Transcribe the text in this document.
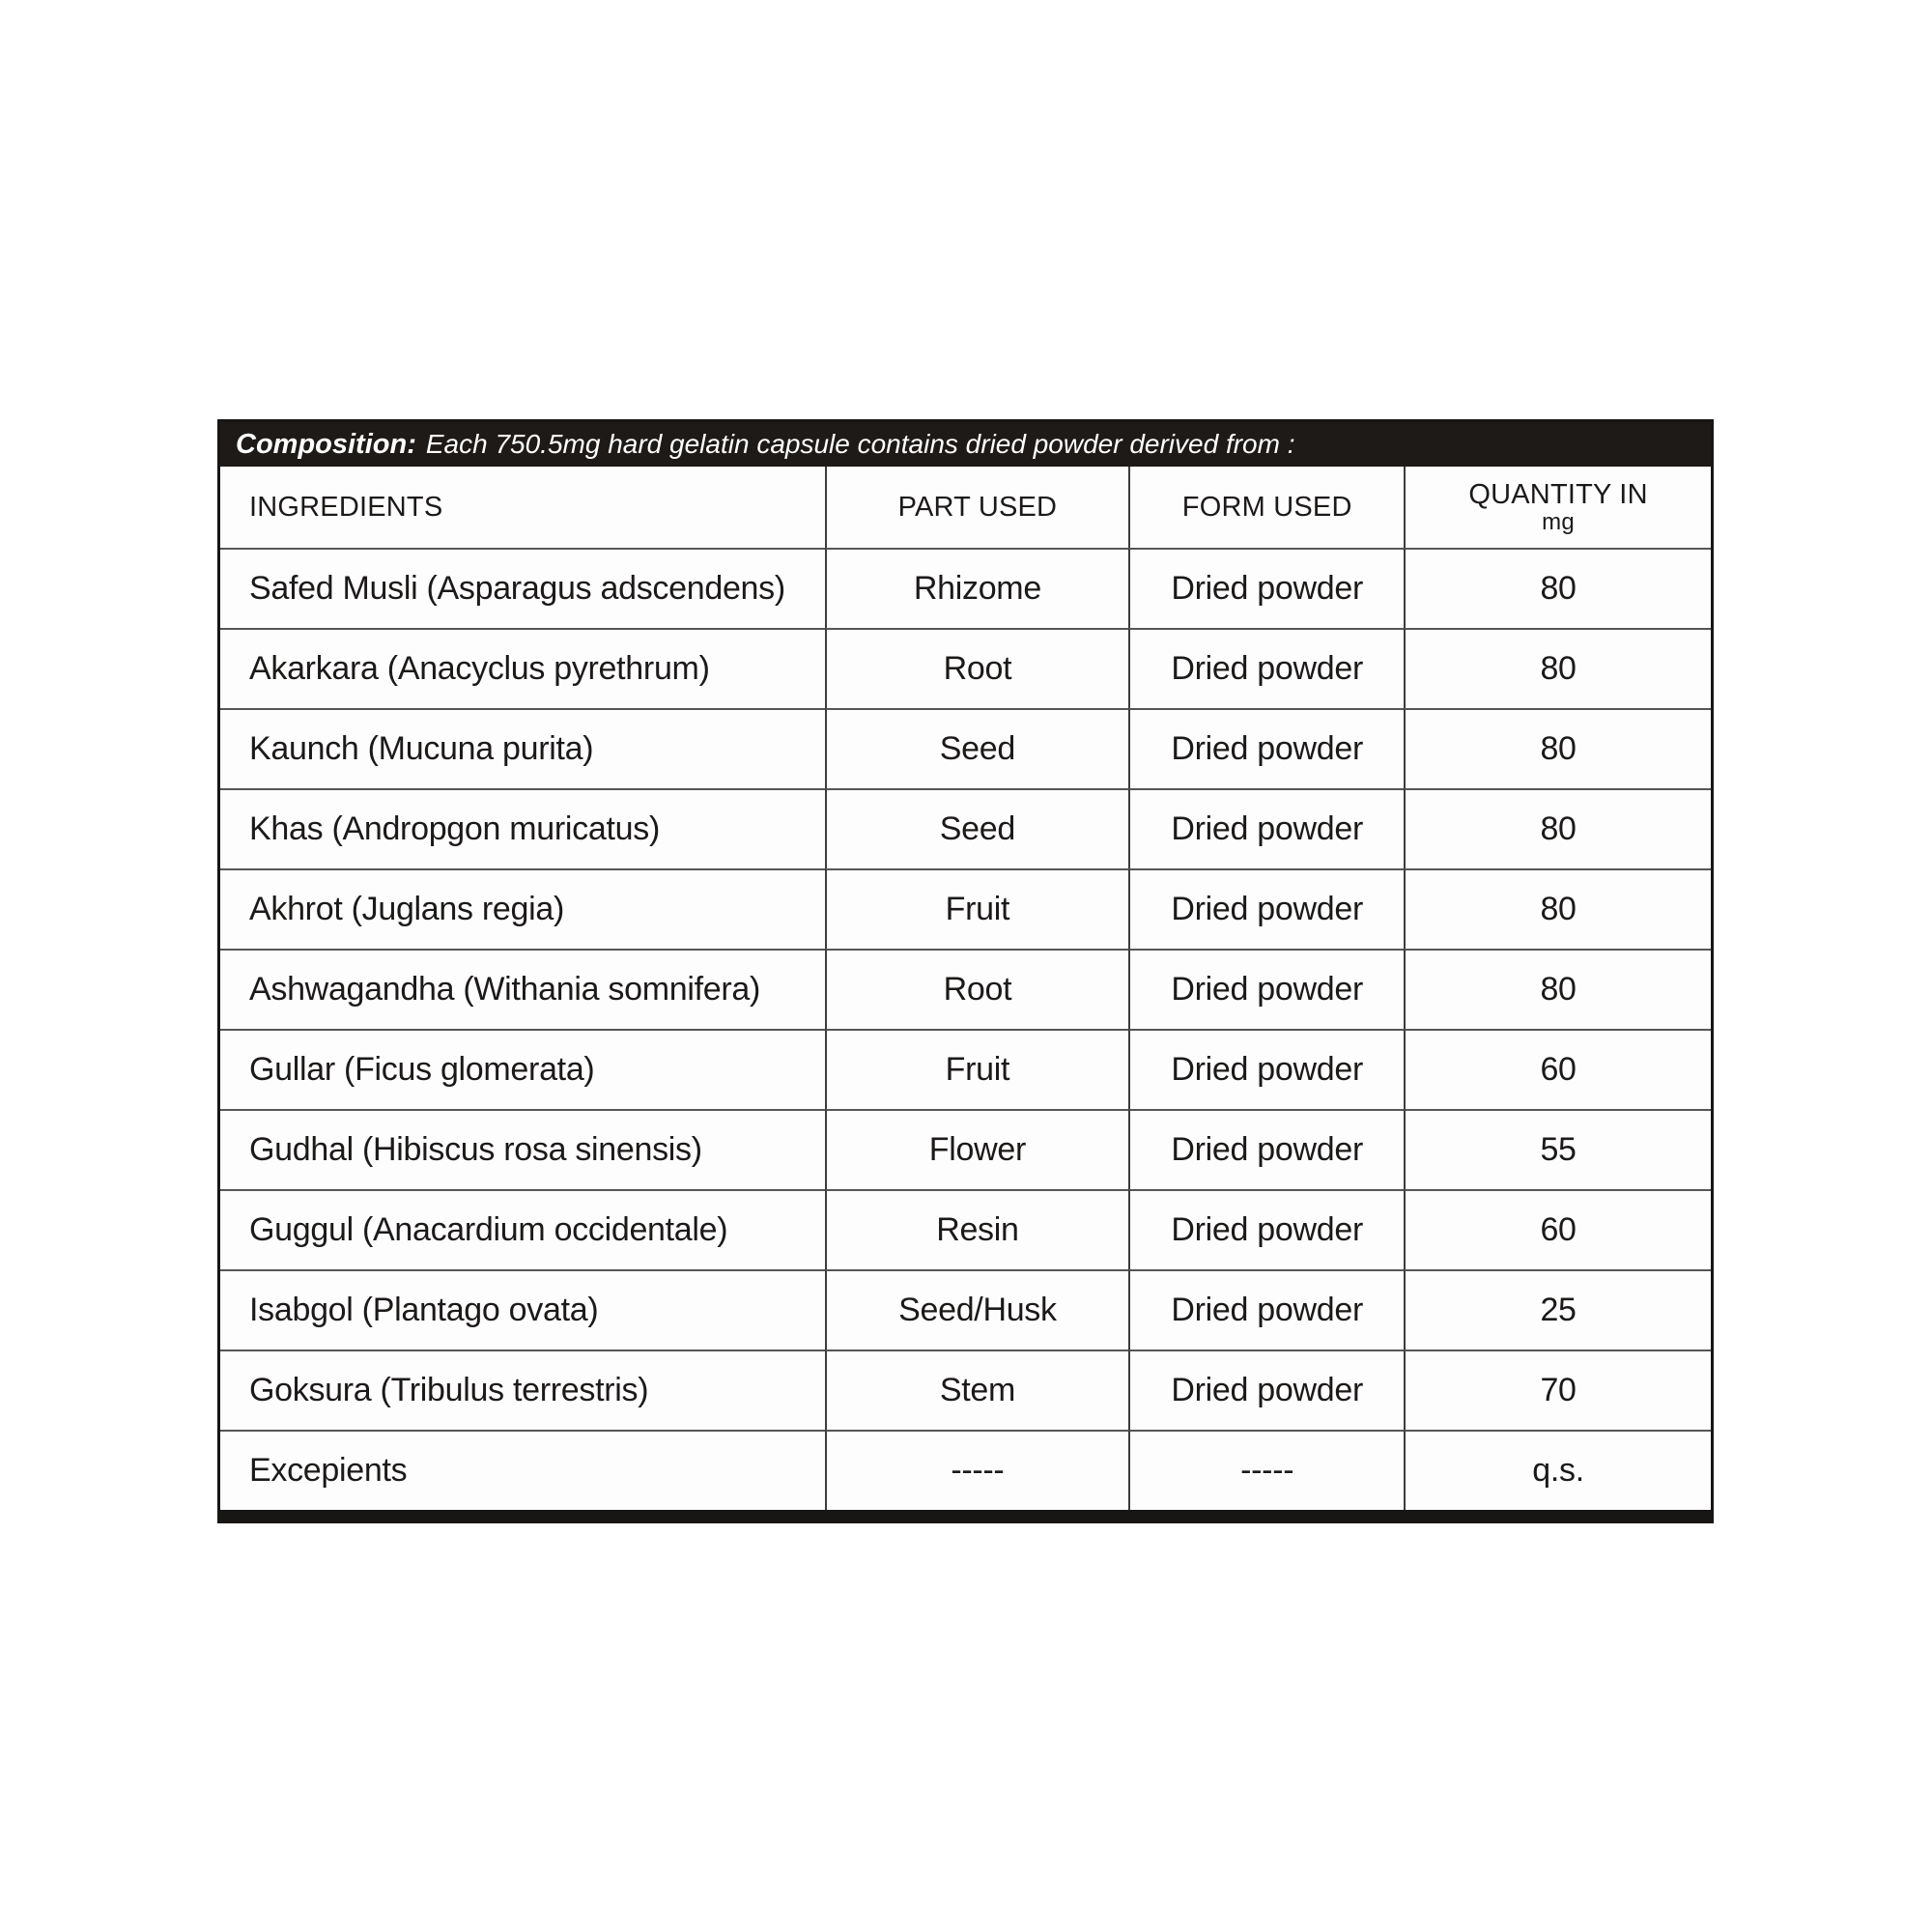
Composition: Each 750.5mg hard gelatin capsule contains dried powder derived from :
INGREDIENTS	PART USED	FORM USED	QUANTITY IN
mg
Safed Musli (Asparagus adscendens)	Rhizome	Dried powder	80
Akarkara (Anacyclus pyrethrum)	Root	Dried powder	80
Kaunch (Mucuna purita)	Seed	Dried powder	80
Khas (Andropgon muricatus)	Seed	Dried powder	80
Akhrot (Juglans regia)	Fruit	Dried powder	80
Ashwagandha (Withania somnifera)	Root	Dried powder	80
Gullar (Ficus glomerata)	Fruit	Dried powder	60
Gudhal (Hibiscus rosa sinensis)	Flower	Dried powder	55
Guggul (Anacardium occidentale)	Resin	Dried powder	60
Isabgol (Plantago ovata)	Seed/Husk	Dried powder	25
Goksura (Tribulus terrestris)	Stem	Dried powder	70
Excepients	-----	-----	q.s.
